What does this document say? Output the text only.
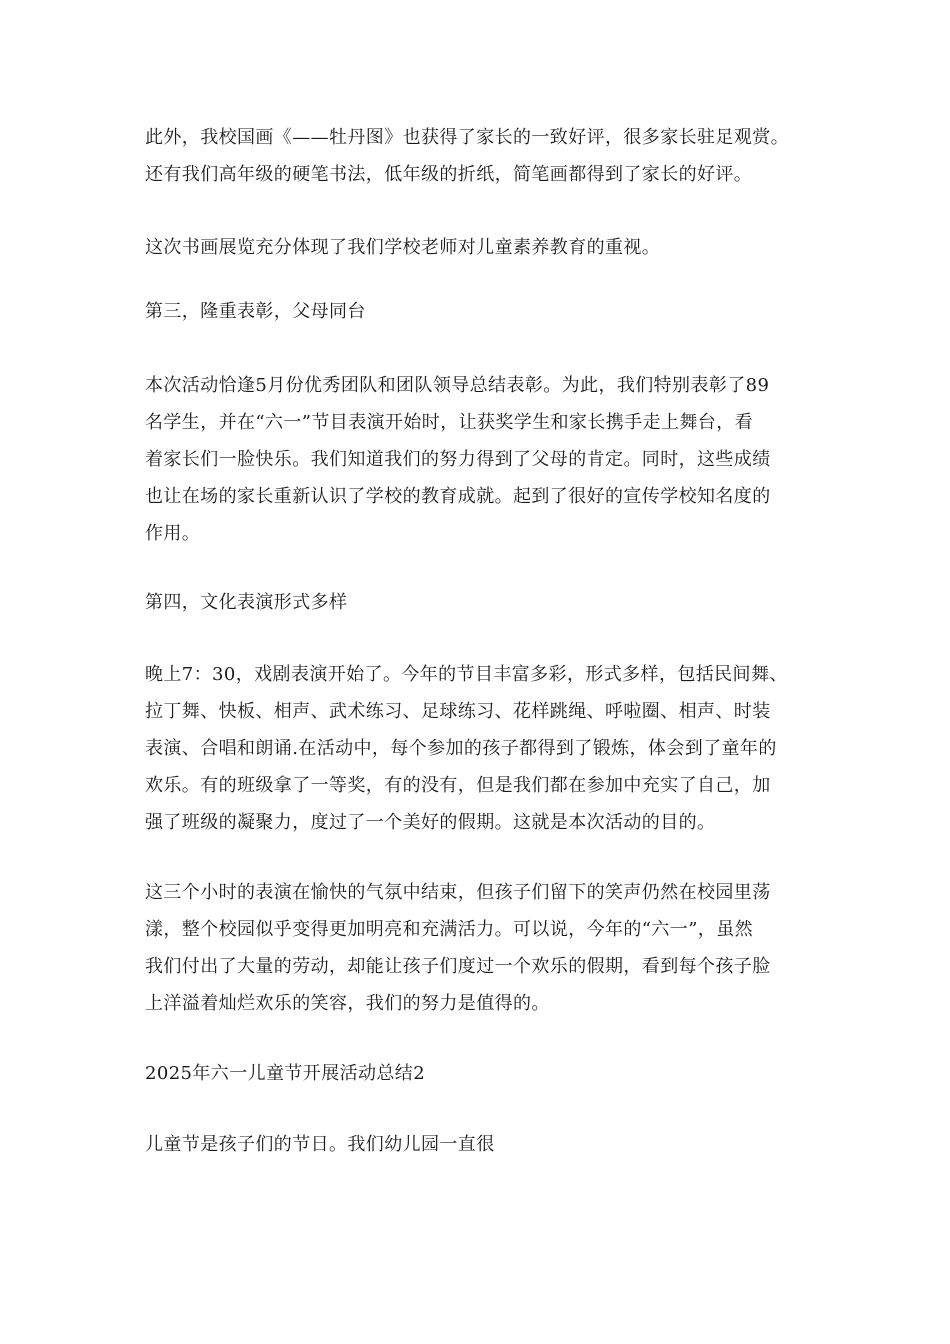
此外，我校国画《——牡丹图》也获得了家长的一致好评，很多家长驻足观赏。
还有我们高年级的硬笔书法，低年级的折纸，简笔画都得到了家长的好评。
这次书画展览充分体现了我们学校老师对儿童素养教育的重视。
第三，隆重表彰，父母同台
本次活动恰逢5月份优秀团队和团队领导总结表彰。为此，我们特别表彰了89
名学生，并在“六一”节目表演开始时，让获奖学生和家长携手走上舞台，看
着家长们一脸快乐。我们知道我们的努力得到了父母的肯定。同时，这些成绩
也让在场的家长重新认识了学校的教育成就。起到了很好的宣传学校知名度的
作用。
第四，文化表演形式多样
晚上7：30，戏剧表演开始了。今年的节目丰富多彩，形式多样，包括民间舞、
拉丁舞、快板、相声、武术练习、足球练习、花样跳绳、呼啦圈、相声、时装
表演、合唱和朗诵.在活动中，每个参加的孩子都得到了锻炼，体会到了童年的
欢乐。有的班级拿了一等奖，有的没有，但是我们都在参加中充实了自己，加
强了班级的凝聚力，度过了一个美好的假期。这就是本次活动的目的。
这三个小时的表演在愉快的气氛中结束，但孩子们留下的笑声仍然在校园里荡
漾，整个校园似乎变得更加明亮和充满活力。可以说，今年的“六一”，虽然
我们付出了大量的劳动，却能让孩子们度过一个欢乐的假期，看到每个孩子脸
上洋溢着灿烂欢乐的笑容，我们的努力是值得的。
2025年六一儿童节开展活动总结2
儿童节是孩子们的节日。我们幼儿园一直很
